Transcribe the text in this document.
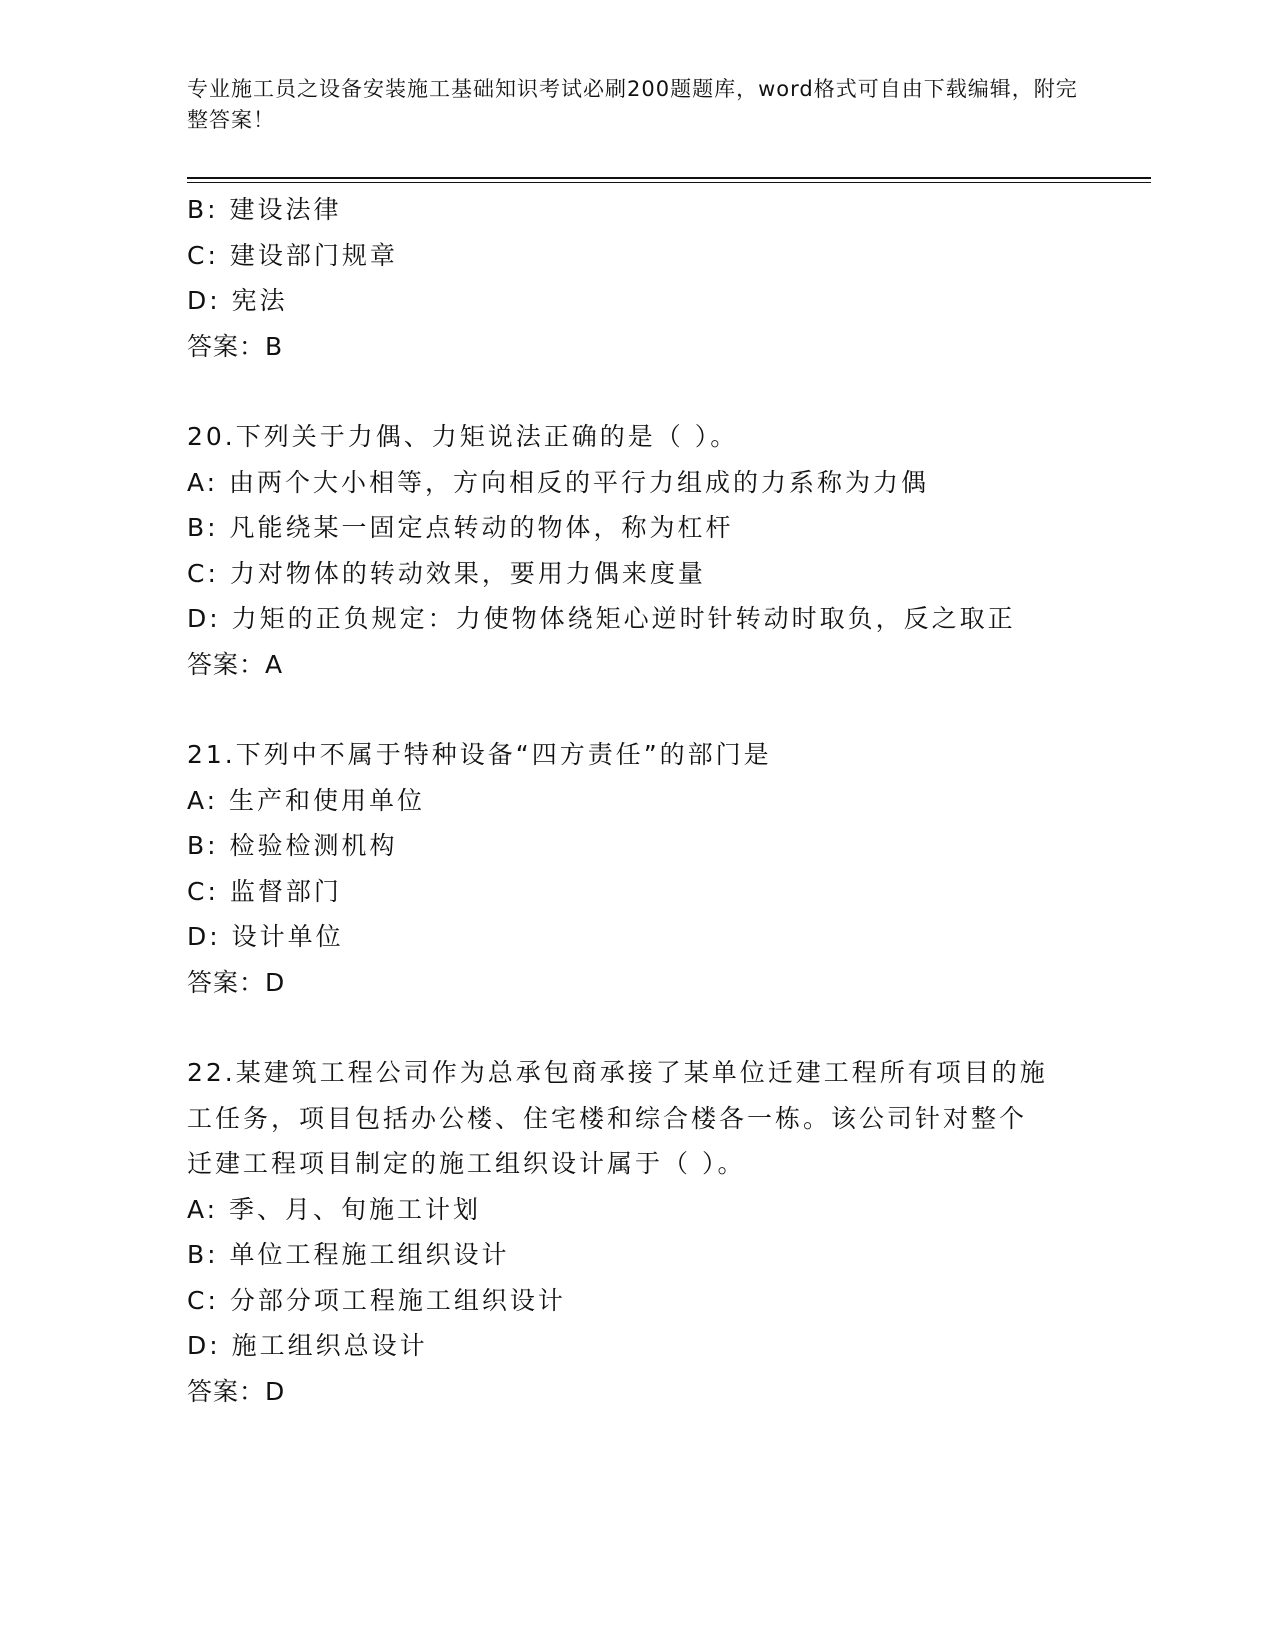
专业施工员之设备安装施工基础知识考试必刷200题题库，word格式可自由下载编辑，附完整答案！
B: 建设法律
C: 建设部门规章
D: 宪法
答案：B
20.下列关于力偶、力矩说法正确的是（ ）。
A: 由两个大小相等，方向相反的平行力组成的力系称为力偶
B: 凡能绕某一固定点转动的物体，称为杠杆
C: 力对物体的转动效果，要用力偶来度量
D: 力矩的正负规定：力使物体绕矩心逆时针转动时取负，反之取正
答案：A
21.下列中不属于特种设备“四方责任”的部门是
A: 生产和使用单位
B: 检验检测机构
C: 监督部门
D: 设计单位
答案：D
22.某建筑工程公司作为总承包商承接了某单位迁建工程所有项目的施
工任务，项目包括办公楼、住宅楼和综合楼各一栋。该公司针对整个
迁建工程项目制定的施工组织设计属于（ ）。
A: 季、月、旬施工计划
B: 单位工程施工组织设计
C: 分部分项工程施工组织设计
D: 施工组织总设计
答案：D
